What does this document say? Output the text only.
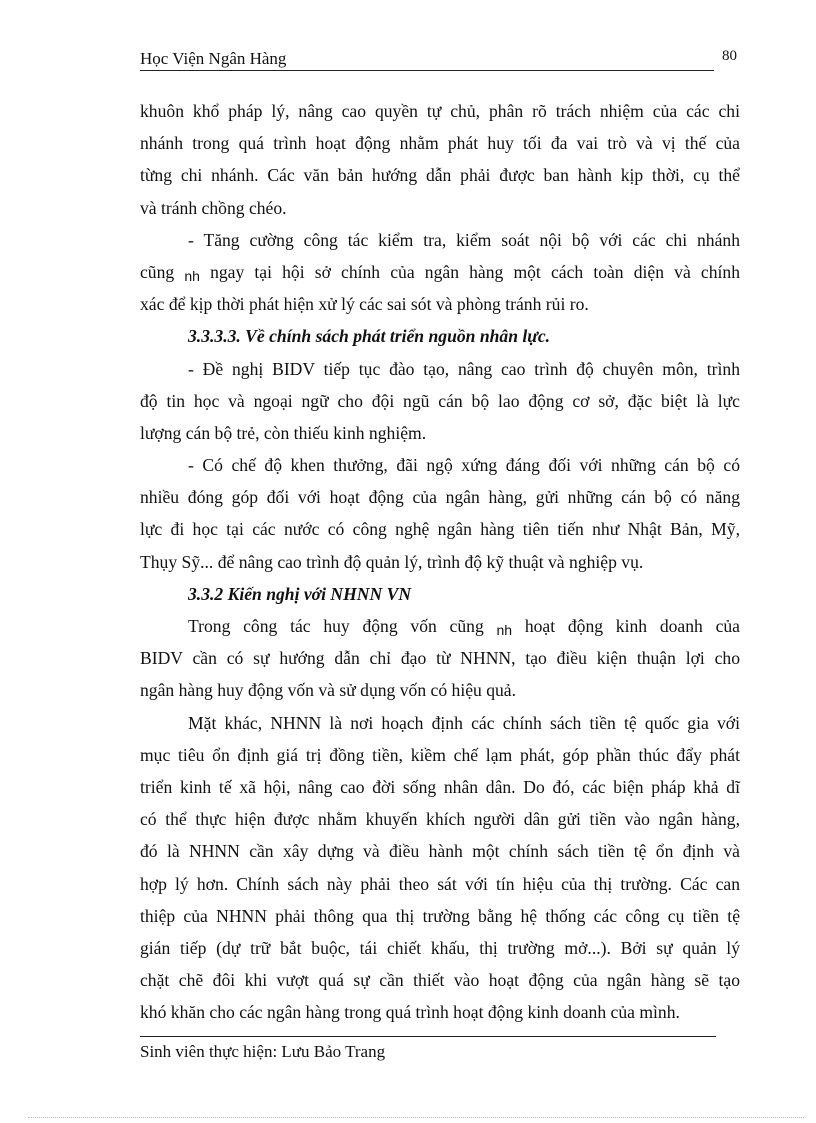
Học Viện Ngân Hàng	80
khuôn khổ pháp lý, nâng cao quyền tự chủ, phân rõ trách nhiệm của các chi
nhánh trong quá trình hoạt động nhằm phát huy tối đa vai trò và vị thế của
từng chi nhánh. Các văn bản hướng dẫn phải được ban hành kịp thời, cụ thể
và tránh chồng chéo.
- Tăng cường công tác kiểm tra, kiểm soát nội bộ với các chi nhánh
cũng nh ngay tại hội sở chính của ngân hàng một cách toàn diện và chính
xác để kịp thời phát hiện xử lý các sai sót và phòng tránh rủi ro.
3.3.3.3. Về chính sách phát triển nguồn nhân lực.
- Đề nghị BIDV tiếp tục đào tạo, nâng cao trình độ chuyên môn, trình
độ tin học và ngoại ngữ cho đội ngũ cán bộ lao động cơ sở, đặc biệt là lực
lượng cán bộ trẻ, còn thiếu kinh nghiệm.
- Có chế độ khen thưởng, đãi ngộ xứng đáng đối với những cán bộ có
nhiều đóng góp đối với hoạt động của ngân hàng, gửi những cán bộ có năng
lực đi học tại các nước có công nghệ ngân hàng tiên tiến như Nhật Bản, Mỹ,
Thụy Sỹ... để nâng cao trình độ quản lý, trình độ kỹ thuật và nghiệp vụ.
3.3.2 Kiến nghị với NHNN VN
Trong công tác huy động vốn cũng nh hoạt động kinh doanh của
BIDV cần có sự hướng dẫn chỉ đạo từ NHNN, tạo điều kiện thuận lợi cho
ngân hàng huy động vốn và sử dụng vốn có hiệu quả.
Mặt khác, NHNN là nơi hoạch định các chính sách tiền tệ quốc gia với
mục tiêu ổn định giá trị đồng tiền, kiềm chế lạm phát, góp phần thúc đẩy phát
triển kinh tế xã hội, nâng cao đời sống nhân dân. Do đó, các biện pháp khả dĩ
có thể thực hiện được nhằm khuyến khích người dân gửi tiền vào ngân hàng,
đó là NHNN cần xây dựng và điều hành một chính sách tiền tệ ổn định và
hợp lý hơn. Chính sách này phải theo sát với tín hiệu của thị trường. Các can
thiệp của NHNN phải thông qua thị trường bằng hệ thống các công cụ tiền tệ
gián tiếp (dự trữ bắt buộc, tái chiết khấu, thị trường mở...). Bởi sự quản lý
chặt chẽ đôi khi vượt quá sự cần thiết vào hoạt động của ngân hàng sẽ tạo
khó khăn cho các ngân hàng trong quá trình hoạt động kinh doanh của mình.
Sinh viên thực hiện: Lưu Bảo Trang
